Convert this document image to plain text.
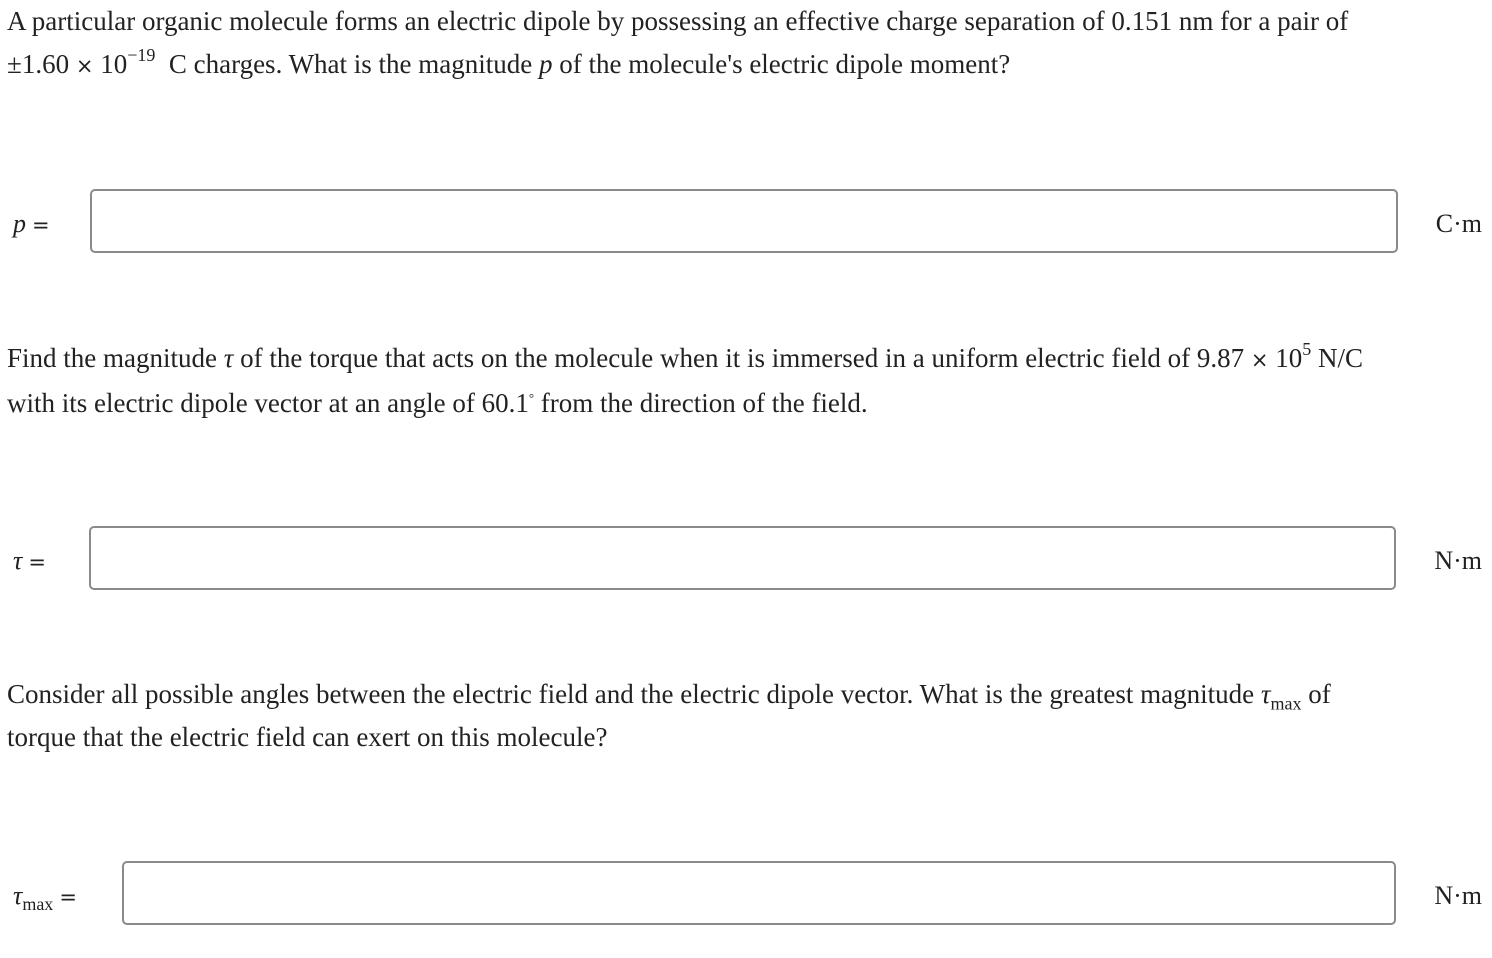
A particular organic molecule forms an electric dipole by possessing an effective charge separation of 0.151 nm for a pair of
$\pm 1.60 \times 10^{-19}$ C charges. What is the magnitude p of the molecule's electric dipole moment?
p =	C·m
Find the magnitude τ of the torque that acts on the molecule when it is immersed in a uniform electric field of $9.87 \times 10^5$ N/C
with its electric dipole vector at an angle of 60.1° from the direction of the field.
τ =	N·m
Consider all possible angles between the electric field and the electric dipole vector. What is the greatest magnitude $\tau_{max}$ of
torque that the electric field can exert on this molecule?
$\tau_{max}$ =	N·m
